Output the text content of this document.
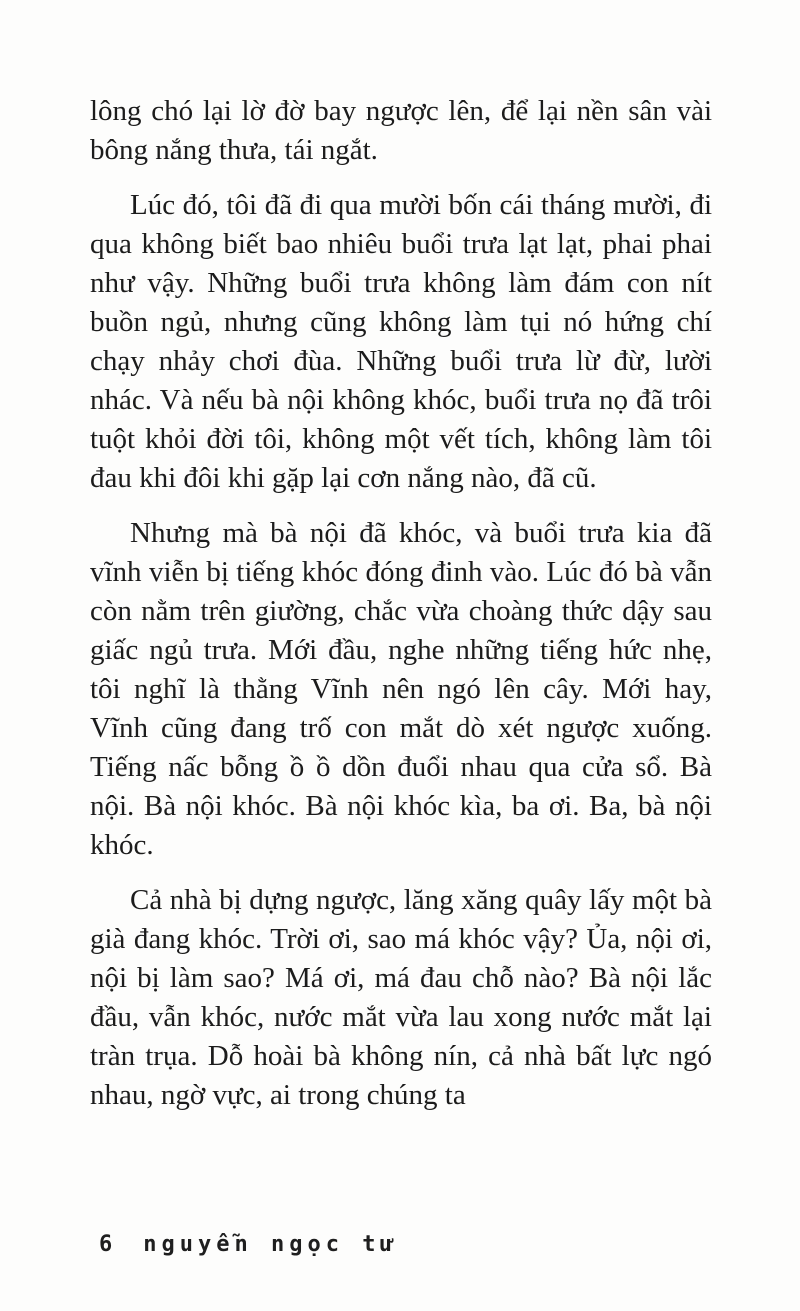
lông chó lại lờ đờ bay ngược lên, để lại nền sân vài bông nắng thưa, tái ngắt.

Lúc đó, tôi đã đi qua mười bốn cái tháng mười, đi qua không biết bao nhiêu buổi trưa lạt lạt, phai phai như vậy. Những buổi trưa không làm đám con nít buồn ngủ, nhưng cũng không làm tụi nó hứng chí chạy nhảy chơi đùa. Những buổi trưa lừ đừ, lười nhác. Và nếu bà nội không khóc, buổi trưa nọ đã trôi tuột khỏi đời tôi, không một vết tích, không làm tôi đau khi đôi khi gặp lại cơn nắng nào, đã cũ.

Nhưng mà bà nội đã khóc, và buổi trưa kia đã vĩnh viễn bị tiếng khóc đóng đinh vào. Lúc đó bà vẫn còn nằm trên giường, chắc vừa choàng thức dậy sau giấc ngủ trưa. Mới đầu, nghe những tiếng hức nhẹ, tôi nghĩ là thằng Vĩnh nên ngó lên cây. Mới hay, Vĩnh cũng đang trố con mắt dò xét ngược xuống. Tiếng nấc bỗng ồ ồ dồn đuổi nhau qua cửa sổ. Bà nội. Bà nội khóc. Bà nội khóc kìa, ba ơi. Ba, bà nội khóc.

Cả nhà bị dựng ngược, lăng xăng quây lấy một bà già đang khóc. Trời ơi, sao má khóc vậy? Ủa, nội ơi, nội bị làm sao? Má ơi, má đau chỗ nào? Bà nội lắc đầu, vẫn khóc, nước mắt vừa lau xong nước mắt lại tràn trụa. Dỗ hoài bà không nín, cả nhà bất lực ngó nhau, ngờ vực, ai trong chúng ta

6 nguyễn ngọc tư
